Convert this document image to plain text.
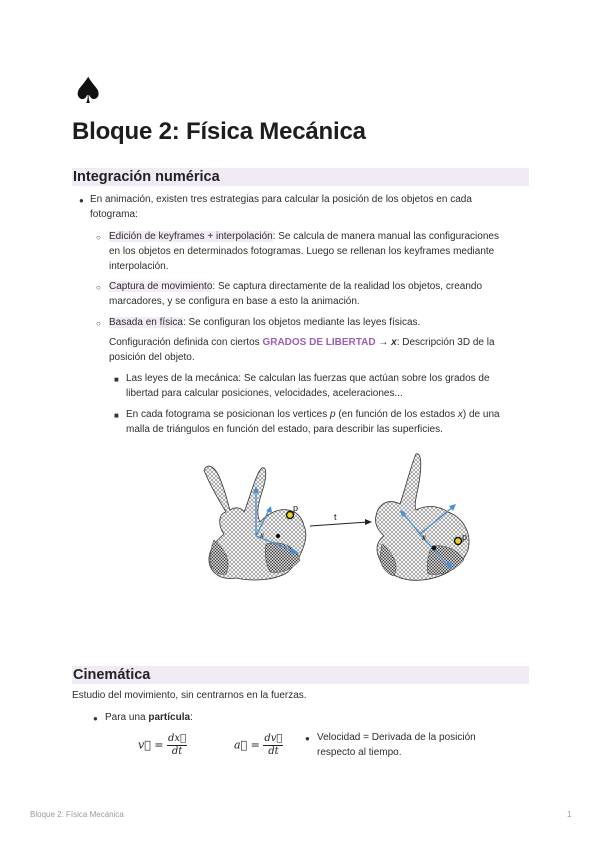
♠
Bloque 2: Física Mecánica
Integración numérica
● En animación, existen tres estrategias para calcular la posición de los objetos en cada
fotograma:
○ Edición de keyframes + interpolación: Se calcula de manera manual las configuraciones
en los objetos en determinados fotogramas. Luego se rellenan los keyframes mediante
interpolación.
○ Captura de movimiento: Se captura directamente de la realidad los objetos, creando
marcadores, y se configura en base a esto la animación.
○ Basada en física: Se configuran los objetos mediante las leyes físicas.
Configuración definida con ciertos GRADOS DE LIBERTAD → x: Descripción 3D de la
posición del objeto.
■ Las leyes de la mecánica: Se calculan las fuerzas que actúan sobre los grados de
libertad para calcular posiciones, velocidades, aceleraciones...
■ En cada fotograma se posicionan los vertices p (en función de los estados x) de una
malla de triángulos en función del estado, para describir las superficies.
p
x
t
p
x
Cinemática
Estudio del movimiento, sin centrarnos en la fuerzas.
● Para una partícula:
v⃗ = $\frac{dx⃗}{dt}$	a⃗ = $\frac{dv⃗}{dt}$	● Velocidad = Derivada de la posición
respecto al tiempo.
Bloque 2: Física Mecánica	1
